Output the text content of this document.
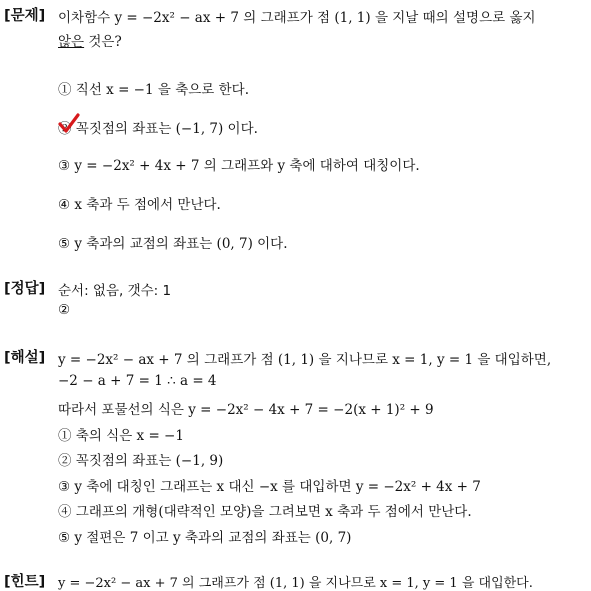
[문제] 이차함수 y = −2x² − ax + 7 의 그래프가 점 (1, 1) 을 지날 때의 설명으로 옳지
않은 것은?
① 직선 x = −1 을 축으로 한다.
② 꼭짓점의 좌표는 (−1, 7) 이다.
③ y = −2x² + 4x + 7 의 그래프와 y 축에 대하여 대칭이다.
④ x 축과 두 점에서 만난다.
⑤ y 축과의 교점의 좌표는 (0, 7) 이다.
[정답] 순서: 없음, 갯수: 1
②
[해설] y = −2x² − ax + 7 의 그래프가 점 (1, 1) 을 지나므로 x = 1, y = 1 을 대입하면,
−2 − a + 7 = 1 ∴ a = 4
따라서 포물선의 식은 y = −2x² − 4x + 7 = −2(x + 1)² + 9
① 축의 식은 x = −1
② 꼭짓점의 좌표는 (−1, 9)
③ y 축에 대칭인 그래프는 x 대신 −x 를 대입하면 y = −2x² + 4x + 7
④ 그래프의 개형(대략적인 모양)을 그려보면 x 축과 두 점에서 만난다.
⑤ y 절편은 7 이고 y 축과의 교점의 좌표는 (0, 7)
[힌트] y = −2x² − ax + 7 의 그래프가 점 (1, 1) 을 지나므로 x = 1, y = 1 을 대입한다.
